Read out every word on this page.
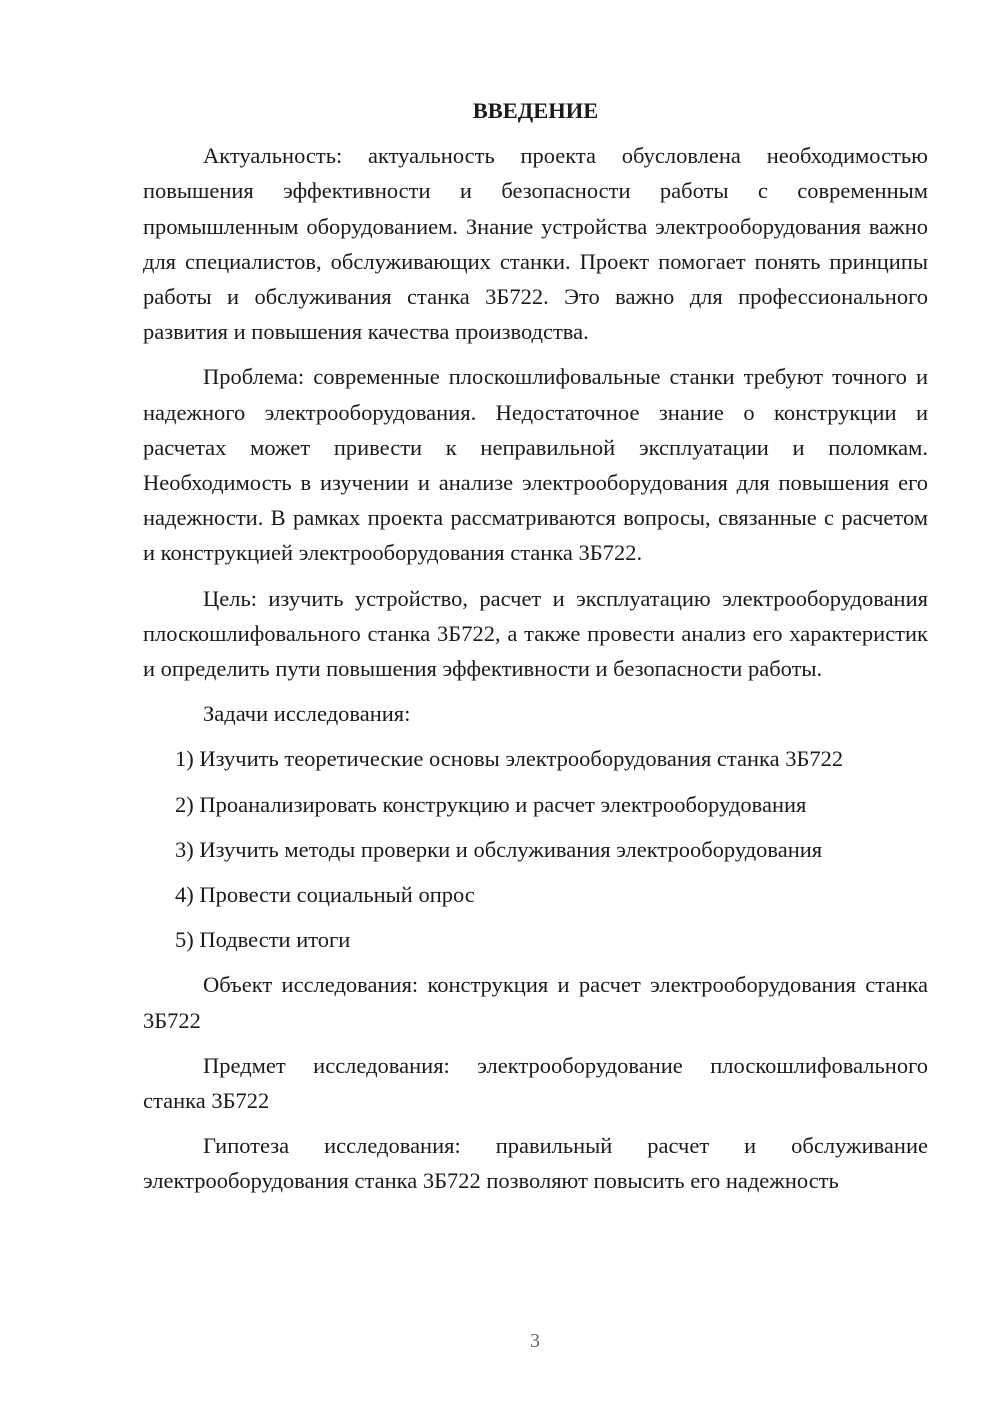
ВВЕДЕНИЕ

Актуальность: актуальность проекта обусловлена необходимостью повышения эффективности и безопасности работы с современным промышленным оборудованием. Знание устройства электрооборудования важно для специалистов, обслуживающих станки. Проект помогает понять принципы работы и обслуживания станка 3Б722. Это важно для профессионального развития и повышения качества производства.

Проблема: современные плоскошлифовальные станки требуют точного и надежного электрооборудования. Недостаточное знание о конструкции и расчетах может привести к неправильной эксплуатации и поломкам. Необходимость в изучении и анализе электрооборудования для повышения его надежности. В рамках проекта рассматриваются вопросы, связанные с расчетом и конструкцией электрооборудования станка 3Б722.

Цель: изучить устройство, расчет и эксплуатацию электрооборудования плоскошлифовального станка 3Б722, а также провести анализ его характеристик и определить пути повышения эффективности и безопасности работы.

Задачи исследования:

1) Изучить теоретические основы электрооборудования станка 3Б722
2) Проанализировать конструкцию и расчет электрооборудования
3) Изучить методы проверки и обслуживания электрооборудования
4) Провести социальный опрос
5) Подвести итоги

Объект исследования: конструкция и расчет электрооборудования станка 3Б722

Предмет исследования: электрооборудование плоскошлифовального станка 3Б722

Гипотеза исследования: правильный расчет и обслуживание электрооборудования станка 3Б722 позволяют повысить его надежность

3
